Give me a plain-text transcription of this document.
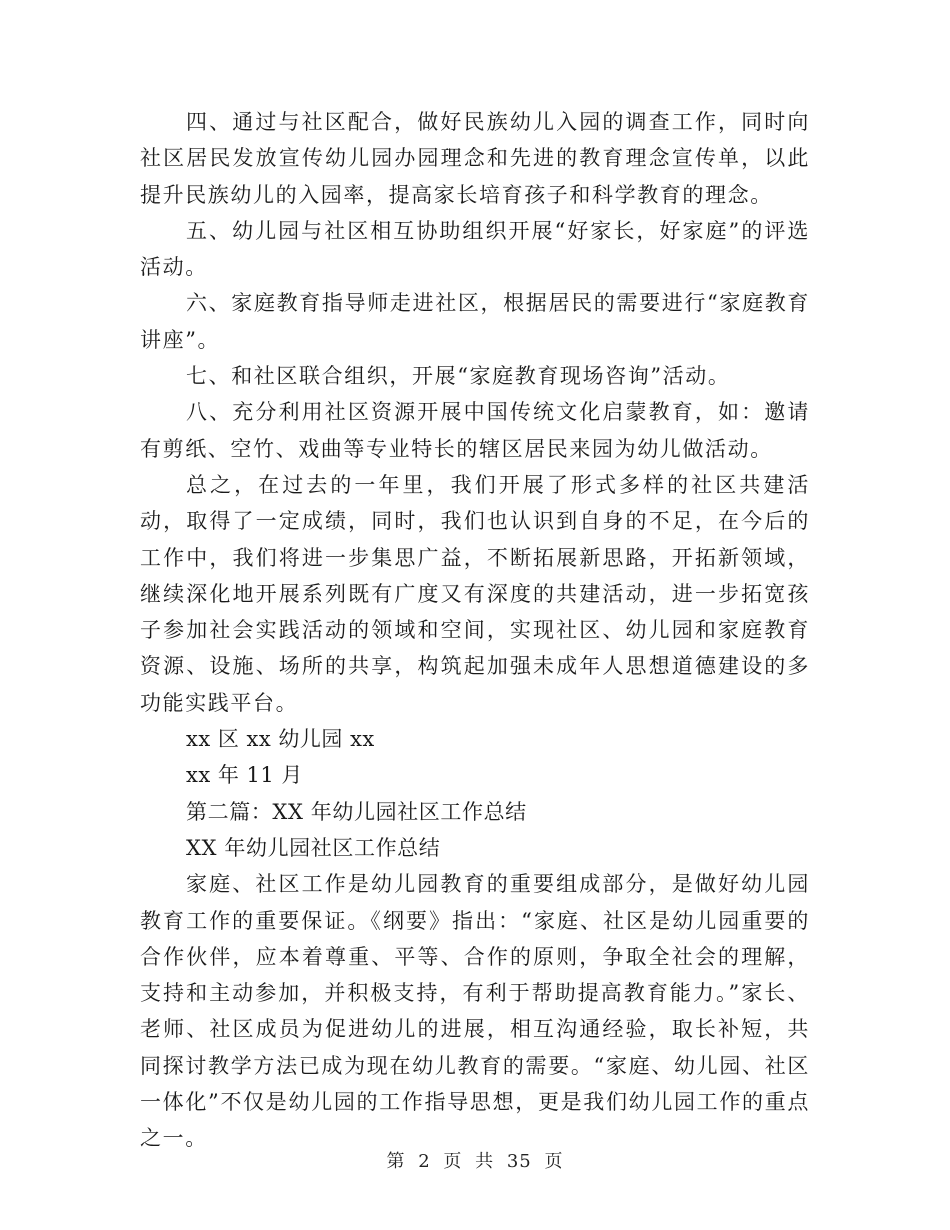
四、通过与社区配合，做好民族幼儿入园的调查工作，同时向社区居民发放宣传幼儿园办园理念和先进的教育理念宣传单，以此提升民族幼儿的入园率，提高家长培育孩子和科学教育的理念。

五、幼儿园与社区相互协助组织开展“好家长，好家庭”的评选活动。

六、家庭教育指导师走进社区，根据居民的需要进行“家庭教育讲座”。

七、和社区联合组织，开展“家庭教育现场咨询”活动。

八、充分利用社区资源开展中国传统文化启蒙教育，如：邀请有剪纸、空竹、戏曲等专业特长的辖区居民来园为幼儿做活动。

总之，在过去的一年里，我们开展了形式多样的社区共建活动，取得了一定成绩，同时，我们也认识到自身的不足，在今后的工作中，我们将进一步集思广益，不断拓展新思路，开拓新领域，继续深化地开展系列既有广度又有深度的共建活动，进一步拓宽孩子参加社会实践活动的领域和空间，实现社区、幼儿园和家庭教育资源、设施、场所的共享，构筑起加强未成年人思想道德建设的多功能实践平台。

xx 区 xx 幼儿园 xx

xx 年 11 月

第二篇：XX 年幼儿园社区工作总结

XX 年幼儿园社区工作总结

家庭、社区工作是幼儿园教育的重要组成部分，是做好幼儿园教育工作的重要保证。《纲要》指出：“家庭、社区是幼儿园重要的合作伙伴，应本着尊重、平等、合作的原则，争取全社会的理解，支持和主动参加，并积极支持，有利于帮助提高教育能力。”家长、老师、社区成员为促进幼儿的进展，相互沟通经验，取长补短，共同探讨教学方法已成为现在幼儿教育的需要。“家庭、幼儿园、社区一体化”不仅是幼儿园的工作指导思想，更是我们幼儿园工作的重点之一。

第 2 页 共 35 页
